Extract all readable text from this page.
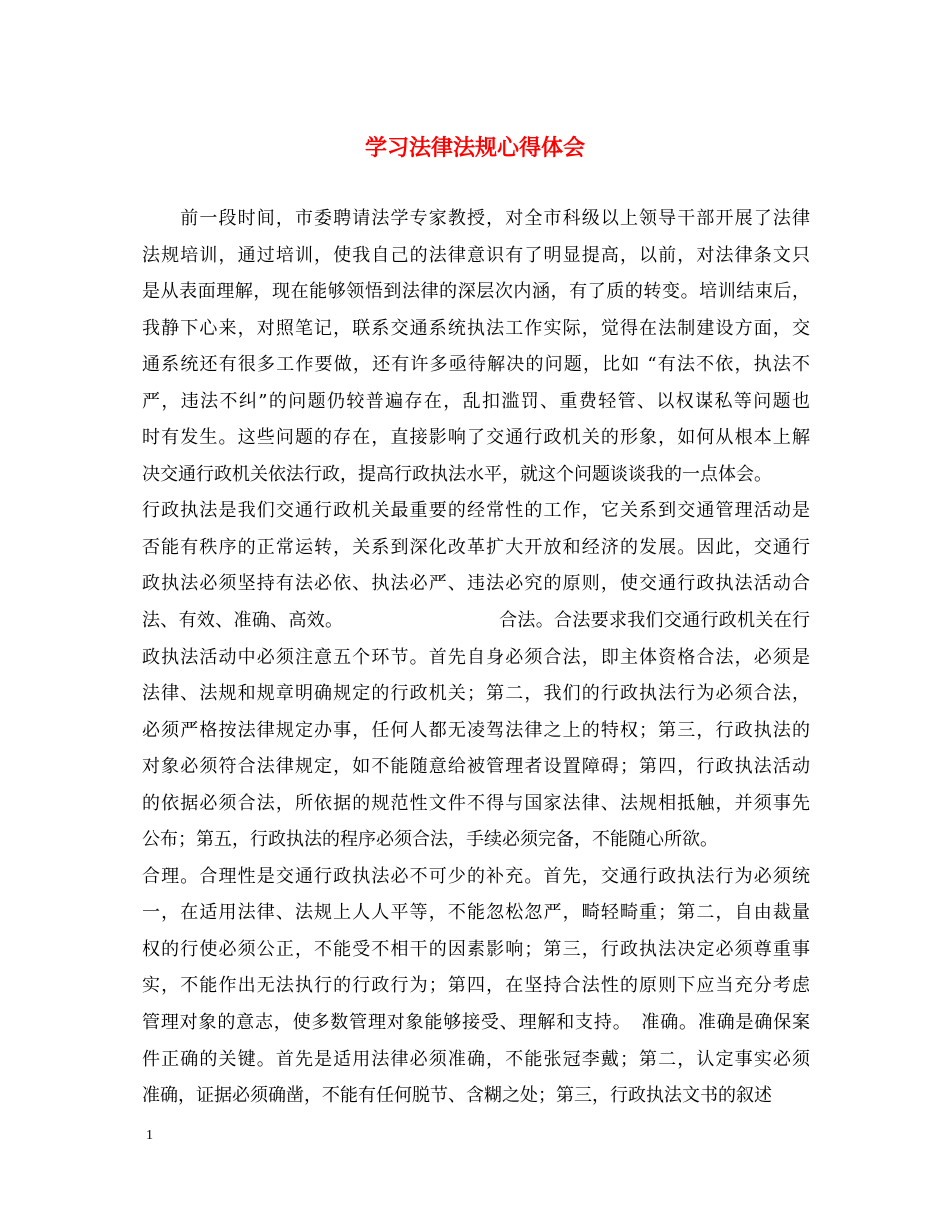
学习法律法规心得体会
　　前一段时间，市委聘请法学专家教授，对全市科级以上领导干部开展了法律
法规培训，通过培训，使我自己的法律意识有了明显提高，以前，对法律条文只
是从表面理解，现在能够领悟到法律的深层次内涵，有了质的转变。培训结束后，
我静下心来，对照笔记，联系交通系统执法工作实际，觉得在法制建设方面，交
通系统还有很多工作要做，还有许多亟待解决的问题，比如 “有法不依，执法不
严，违法不纠”的问题仍较普遍存在，乱扣滥罚、重费轻管、以权谋私等问题也
时有发生。这些问题的存在，直接影响了交通行政机关的形象，如何从根本上解
决交通行政机关依法行政，提高行政执法水平，就这个问题谈谈我的一点体会。
行政执法是我们交通行政机关最重要的经常性的工作，它关系到交通管理活动是
否能有秩序的正常运转，关系到深化改革扩大开放和经济的发展。因此，交通行
政执法必须坚持有法必依、执法必严、违法必究的原则，使交通行政执法活动合
法、有效、准确、高效。　　　　　　　　　合法。合法要求我们交通行政机关在行
政执法活动中必须注意五个环节。首先自身必须合法，即主体资格合法，必须是
法律、法规和规章明确规定的行政机关；第二，我们的行政执法行为必须合法，
必须严格按法律规定办事，任何人都无凌驾法律之上的特权；第三，行政执法的
对象必须符合法律规定，如不能随意给被管理者设置障碍；第四，行政执法活动
的依据必须合法，所依据的规范性文件不得与国家法律、法规相抵触，并须事先
公布；第五，行政执法的程序必须合法，手续必须完备，不能随心所欲。
合理。合理性是交通行政执法必不可少的补充。首先，交通行政执法行为必须统
一，在适用法律、法规上人人平等，不能忽松忽严，畸轻畸重；第二，自由裁量
权的行使必须公正，不能受不相干的因素影响；第三，行政执法决定必须尊重事
实，不能作出无法执行的行政行为；第四，在坚持合法性的原则下应当充分考虑
管理对象的意志，使多数管理对象能够接受、理解和支持。　准确。准确是确保案
件正确的关键。首先是适用法律必须准确，不能张冠李戴；第二，认定事实必须
准确，证据必须确凿，不能有任何脱节、含糊之处；第三，行政执法文书的叙述
1
